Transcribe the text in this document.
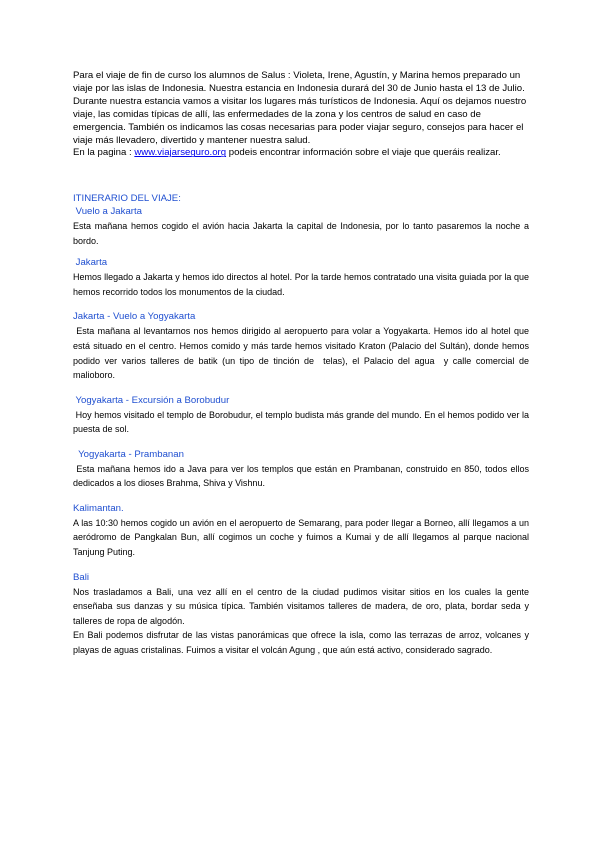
Para el viaje de fin de curso los alumnos de Salus : Violeta, Irene, Agustín, y Marina hemos preparado un viaje por las islas de Indonesia. Nuestra estancia en Indonesia durará del 30 de Junio hasta el 13 de Julio. Durante nuestra estancia vamos a visitar los lugares más turísticos de Indonesia. Aquí os dejamos nuestro viaje, las comidas típicas de allí, las enfermedades de la zona y los centros de salud en caso de emergencia. También os indicamos las cosas necesarias para poder viajar seguro, consejos para hacer el viaje más llevadero, divertido y mantener nuestra salud.
En la pagina : www.viajarseguro.org podeis encontrar información sobre el viaje que queráis realizar.

ITINERARIO DEL VIAJE:

Vuelo a Jakarta

Esta mañana hemos cogido el avión hacia Jakarta la capital de Indonesia, por lo tanto pasaremos la noche a bordo.

Jakarta

Hemos llegado a Jakarta y hemos ido directos al hotel. Por la tarde hemos contratado una visita guiada por la que hemos recorrido todos los monumentos de la ciudad.

Jakarta - Vuelo a Yogyakarta

Esta mañana al levantarnos nos hemos dirigido al aeropuerto para volar a Yogyakarta. Hemos ido al hotel que está situado en el centro. Hemos comido y más tarde hemos visitado Kraton (Palacio del Sultán), donde hemos podido ver varios talleres de batik (un tipo de tinción de  telas), el Palacio del agua  y calle comercial de malioboro.

Yogyakarta - Excursión a Borobudur

Hoy hemos visitado el templo de Borobudur, el templo budista más grande del mundo. En el hemos podido ver la puesta de sol.

Yogyakarta - Prambanan

Esta mañana hemos ido a Java para ver los templos que están en Prambanan, construido en 850, todos ellos dedicados a los dioses Brahma, Shiva y Vishnu.

Kalimantan.

A las 10:30 hemos cogido un avión en el aeropuerto de Semarang, para poder llegar a Borneo, allí llegamos a un aeródromo de Pangkalan Bun, allí cogimos un coche y fuimos a Kumai y de allí llegamos al parque nacional Tanjung Puting.

Bali

Nos trasladamos a Bali, una vez allí en el centro de la ciudad pudimos visitar sitios en los cuales la gente enseñaba sus danzas y su música típica. También visitamos talleres de madera, de oro, plata, bordar seda y talleres de ropa de algodón.

En Bali podemos disfrutar de las vistas panorámicas que ofrece la isla, como las terrazas de arroz, volcanes y playas de aguas cristalinas. Fuimos a visitar el volcán Agung , que aún está activo, considerado sagrado.
